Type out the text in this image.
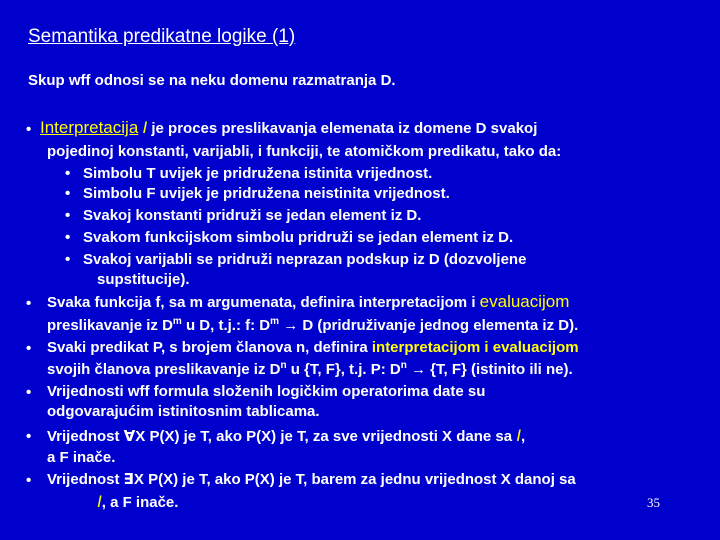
Semantika predikatne logike (1)
Skup wff odnosi se na neku domenu razmatranja D.
• Interpretacija I je proces preslikavanja elemenata iz domene D svakoj
pojedinoj konstanti, varijabli, i funkciji, te atomičkom predikatu, tako da:
• Simbolu T uvijek je pridružena istinita vrijednost.
• Simbolu F uvijek je pridružena neistinita vrijednost.
• Svakoj konstanti pridruži se jedan element iz D.
• Svakom funkcijskom simbolu pridruži se jedan element iz D.
• Svakoj varijabli se pridruži neprazan podskup iz D (dozvoljene
supstitucije).
• Svaka funkcija f, sa m argumenata, definira interpretacijom i evaluacijom
preslikavanje iz $D^m$ u D, t.j.: f: $D^m \to D$ (pridruživanje jednog elementa iz D).
• Svaki predikat P, s brojem članova n, definira interpretacijom i evaluacijom
svojih članova preslikavanje iz $D^n$ u {T, F}, t.j. P: $D^n \to \{T$, F} (istinito ili ne).
• Vrijednosti wff formula složenih logičkim operatorima date su
odgovarajućim istinitosnim tablicama.
• Vrijednost ∀X P(X) je T, ako P(X) je T, za sve vrijednosti X dane sa I,
a F inače.
• Vrijednost ∃X P(X) je T, ako P(X) je T, barem za jednu vrijednost X danoj sa
I, a F inače.	35
